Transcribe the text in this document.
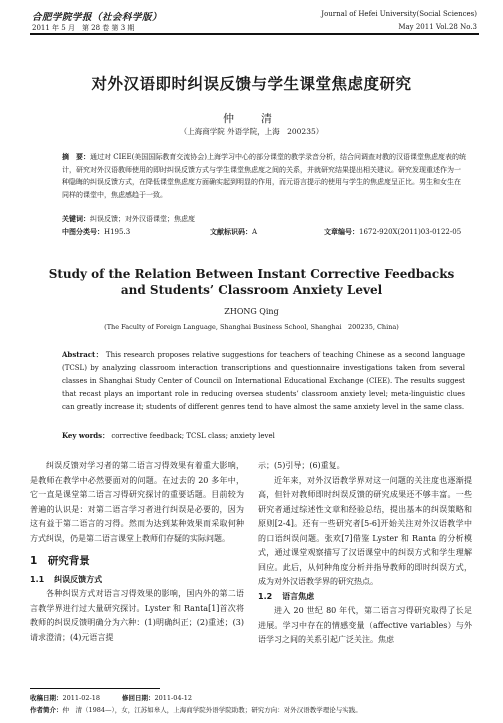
合肥学院学报（社会科学版）	Journal of Hefei University(Social Sciences)
2011 年 5 月　第 28 卷 第 3 期	May 2011 Vol.28 No.3
对外汉语即时纠误反馈与学生课堂焦虑度研究
仲　清
（上海商学院 外语学院，上海　200235）
摘　要：通过对 CIEE(美国国际教育交流协会)上海学习中心的部分课堂的教学录音分析，结合问调查对教的汉语课堂焦虑度表的统计，研究对外汉语教师使用的即时纠误反馈方式与学生课堂焦虑度之间的关系，并就研究结果提出相关建议。研究发现重述作为一种隐晦的纠误反馈方式，在降低课堂焦虑度方面确实起到明显的作用，而元语言提示的使用与学生的焦虑度呈正比。男生和女生在同样的课堂中，焦虑感趋于一致。
关键词：纠误反馈；对外汉语课堂；焦虑度
中图分类号：H195.3	文献标识码：A	文章编号：1672-920X(2011)03-0122-05
Study of the Relation Between Instant Corrective Feedbacks
and Students’ Classroom Anxiety Level
ZHONG Qing
(The Faculty of Foreign Language, Shanghai Business School, Shanghai　200235, China)
Abstract： This research proposes relative suggestions for teachers of teaching Chinese as a second language (TCSL) by analyzing classroom interaction transcriptions and questionnaire investigations taken from several classes in Shanghai Study Center of Council on International Educational Exchange (CIEE). The results suggest that recast plays an important role in reducing oversea students’ classroom anxiety level; meta-linguistic clues can greatly increase it; students of different genres tend to have almost the same anxiety level in the same class.
Key words： corrective feedback; TCSL class; anxiety level

纠误反馈对学习者的第二语言习得效果有着重大影响，是教师在教学中必然要面对的问题。在过去的 20 多年中，它一直是课堂第二语言习得研究探讨的重要话题。目前较为普遍的认识是：对第二语言学习者进行纠误是必要的，因为这有益于第二语言的习得。然而为达到某种效果而采取何种方式纠误，仍是第二语言课堂上教师们存疑的实际问题。

1　 研究背景
1.1 纠误反馈方式

各种纠误方式对语言习得效果的影响，国内外的第二语言教学界进行过大量研究探讨。Lyster 和 Ranta[1]首次将教师的纠误反馈明确分为六种：(1)明确纠正；(2)重述；(3)请求澄清；(4)元语言提

示；(5)引导；(6)重复。

近年来，对外汉语教学界对这一问题的关注度也逐渐提高，但针对教师即时纠误反馈的研究成果还不够丰富。一些研究者通过综述性文章和经验总结，提出基本的纠误策略和原则[2-4]。还有一些研究者[5-6]开始关注对外汉语教学中的口语纠误问题。张欢[7]借鉴 Lyster 和 Ranta 的分析模式，通过课堂观察描写了汉语课堂中的纠误方式和学生理解回应。此后，从何种角度分析并指导教师的即时纠误方式，成为对外汉语教学界的研究热点。

1.2 语言焦虑

进入 20 世纪 80 年代，第二语言习得研究取得了长足进展。学习中存在的情感变量（affective variables）与外语学习之间的关系引起广泛关注。焦虑

收稿日期：2011-02-18	修回日期：2011-04-12
作者简介：仲　清（1984—），女，江苏如皋人，上海商学院外语学院助教；研究方向：对外汉语教学理论与实践。
